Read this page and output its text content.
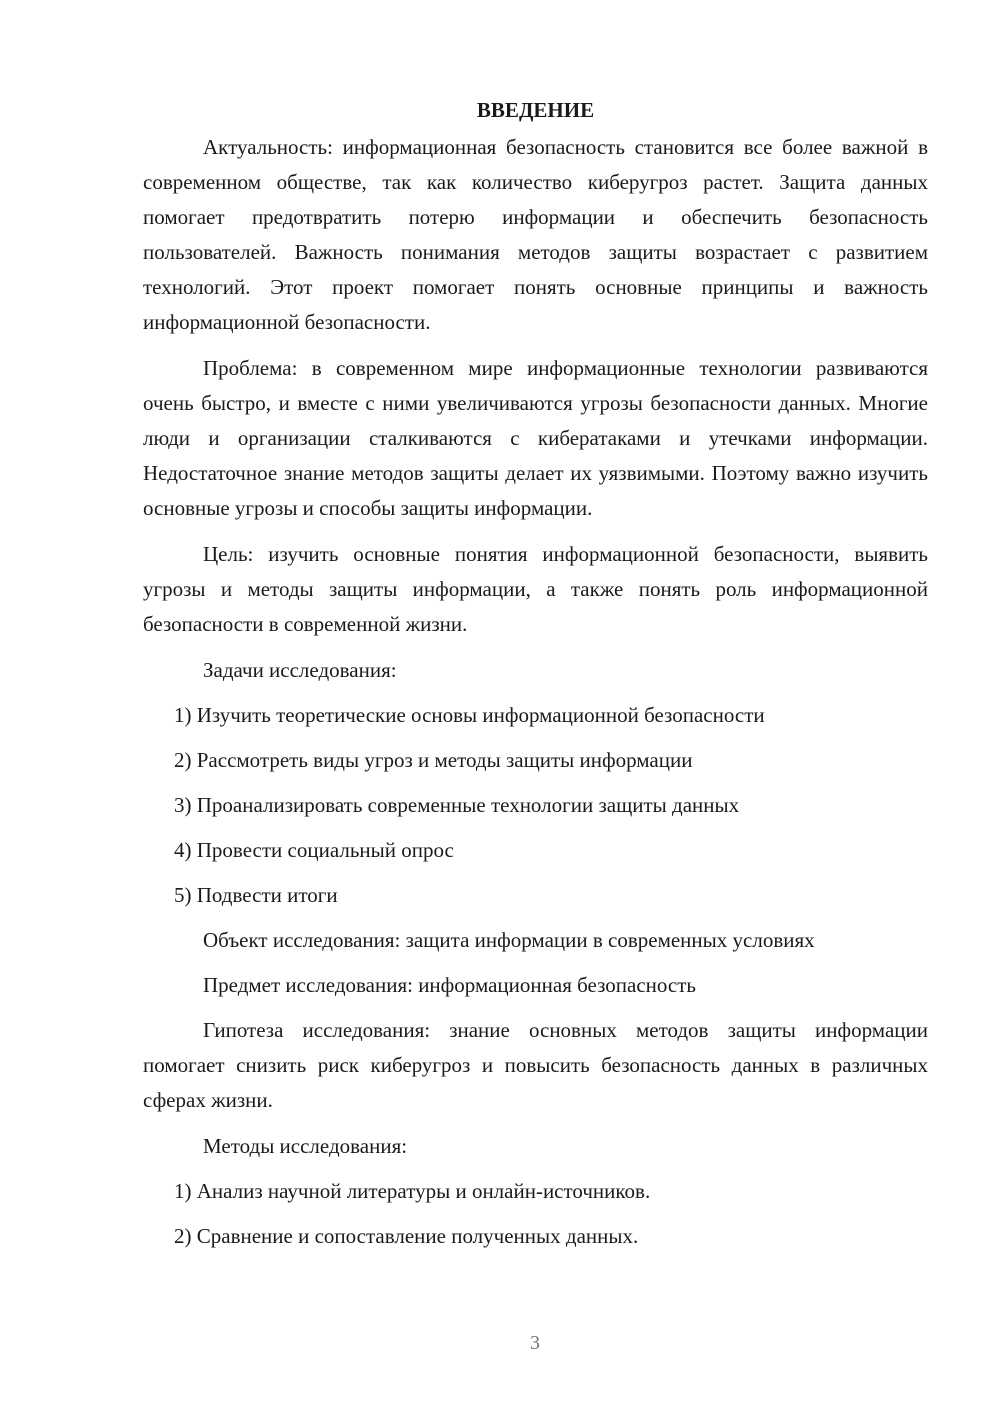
ВВЕДЕНИЕ

Актуальность: информационная безопасность становится все более важной в современном обществе, так как количество киберугроз растет. Защита данных помогает предотвратить потерю информации и обеспечить безопасность пользователей. Важность понимания методов защиты возрастает с развитием технологий. Этот проект помогает понять основные принципы и важность информационной безопасности.

Проблема: в современном мире информационные технологии развиваются очень быстро, и вместе с ними увеличиваются угрозы безопасности данных. Многие люди и организации сталкиваются с кибератаками и утечками информации. Недостаточное знание методов защиты делает их уязвимыми. Поэтому важно изучить основные угрозы и способы защиты информации.

Цель: изучить основные понятия информационной безопасности, выявить угрозы и методы защиты информации, а также понять роль информационной безопасности в современной жизни.

Задачи исследования:
1) Изучить теоретические основы информационной безопасности
2) Рассмотреть виды угроз и методы защиты информации
3) Проанализировать современные технологии защиты данных
4) Провести социальный опрос
5) Подвести итоги
Объект исследования: защита информации в современных условиях
Предмет исследования: информационная безопасность

Гипотеза исследования: знание основных методов защиты информации помогает снизить риск киберугроз и повысить безопасность данных в различных сферах жизни.

Методы исследования:
1) Анализ научной литературы и онлайн-источников.
2) Сравнение и сопоставление полученных данных.
3
